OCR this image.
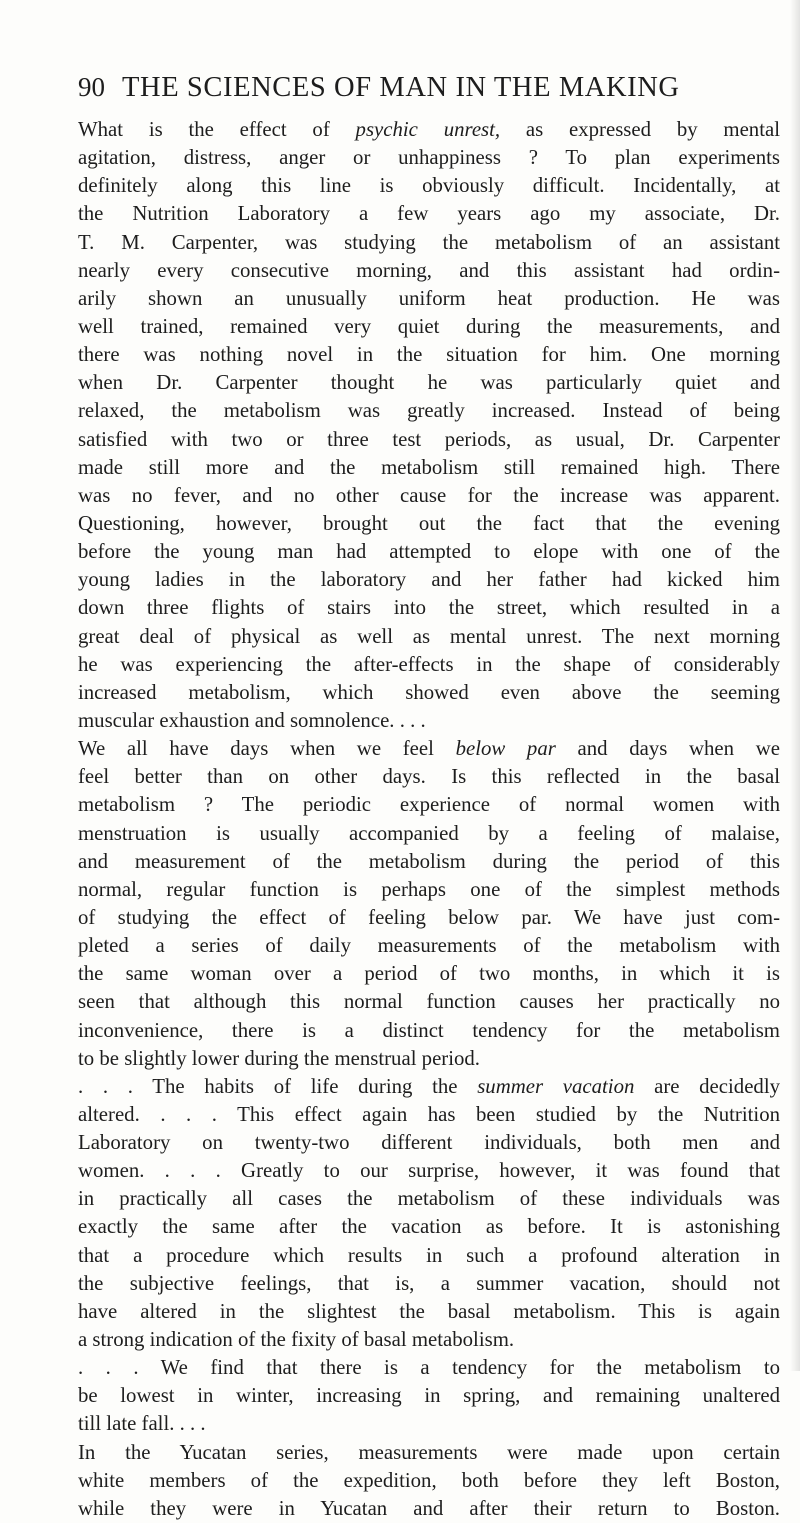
90 THE SCIENCES OF MAN IN THE MAKING
What is the effect of psychic unrest, as expressed by mental
agitation, distress, anger or unhappiness ? To plan experiments
definitely along this line is obviously difficult. Incidentally, at
the Nutrition Laboratory a few years ago my associate, Dr.
T. M. Carpenter, was studying the metabolism of an assistant
nearly every consecutive morning, and this assistant had ordin-
arily shown an unusually uniform heat production. He was
well trained, remained very quiet during the measurements, and
there was nothing novel in the situation for him. One morning
when Dr. Carpenter thought he was particularly quiet and
relaxed, the metabolism was greatly increased. Instead of being
satisfied with two or three test periods, as usual, Dr. Carpenter
made still more and the metabolism still remained high. There
was no fever, and no other cause for the increase was apparent.
Questioning, however, brought out the fact that the evening
before the young man had attempted to elope with one of the
young ladies in the laboratory and her father had kicked him
down three flights of stairs into the street, which resulted in a
great deal of physical as well as mental unrest. The next morning
he was experiencing the after-effects in the shape of considerably
increased metabolism, which showed even above the seeming
muscular exhaustion and somnolence. . . .
We all have days when we feel below par and days when we
feel better than on other days. Is this reflected in the basal
metabolism ? The periodic experience of normal women with
menstruation is usually accompanied by a feeling of malaise,
and measurement of the metabolism during the period of this
normal, regular function is perhaps one of the simplest methods
of studying the effect of feeling below par. We have just com-
pleted a series of daily measurements of the metabolism with
the same woman over a period of two months, in which it is
seen that although this normal function causes her practically no
inconvenience, there is a distinct tendency for the metabolism
to be slightly lower during the menstrual period.
. . . The habits of life during the summer vacation are decidedly
altered. . . . This effect again has been studied by the Nutrition
Laboratory on twenty-two different individuals, both men and
women. . . . Greatly to our surprise, however, it was found that
in practically all cases the metabolism of these individuals was
exactly the same after the vacation as before. It is astonishing
that a procedure which results in such a profound alteration in
the subjective feelings, that is, a summer vacation, should not
have altered in the slightest the basal metabolism. This is again
a strong indication of the fixity of basal metabolism.
. . . We find that there is a tendency for the metabolism to
be lowest in winter, increasing in spring, and remaining unaltered
till late fall. . . .
In the Yucatan series, measurements were made upon certain
white members of the expedition, both before they left Boston,
while they were in Yucatan and after their return to Boston.
